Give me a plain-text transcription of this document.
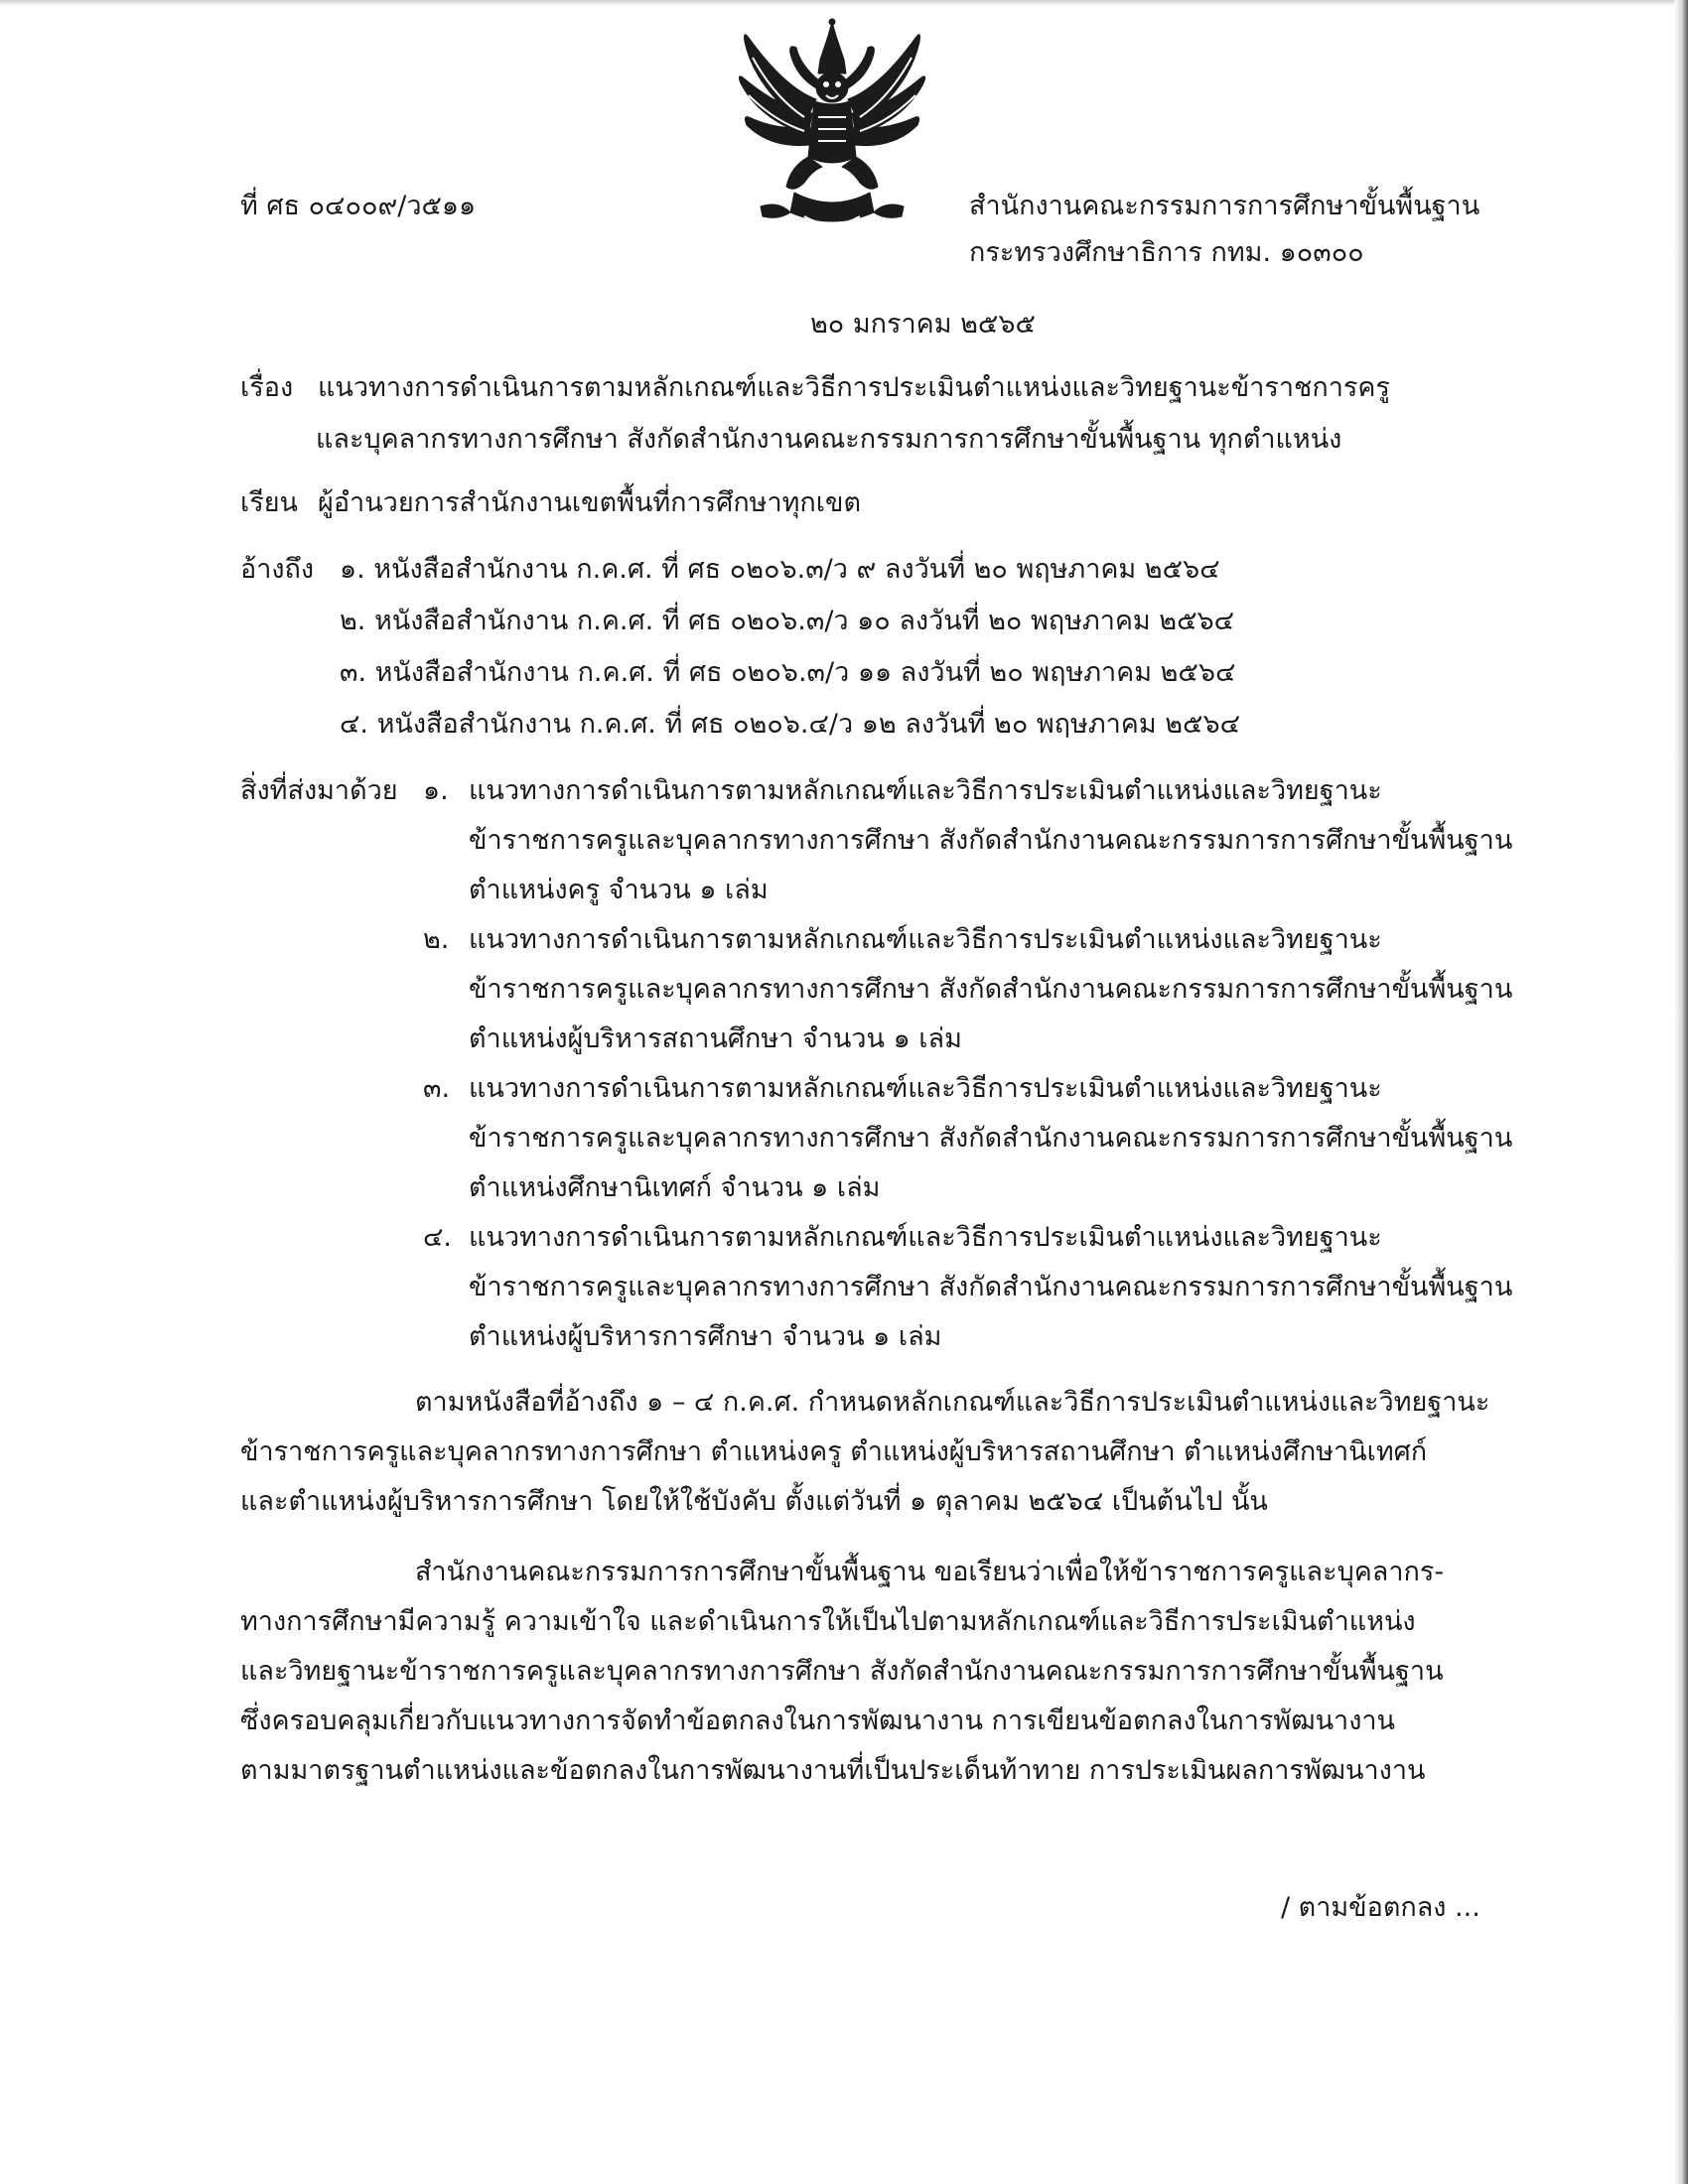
ที่ ศธ ๐๔๐๐๙/ว๕๑๑	สำนักงานคณะกรรมการการศึกษาขั้นพื้นฐาน
กระทรวงศึกษาธิการ กทม. ๑๐๓๐๐
๒๐ มกราคม ๒๕๖๕
เรื่อง แนวทางการดำเนินการตามหลักเกณฑ์และวิธีการประเมินตำแหน่งและวิทยฐานะข้าราชการครู
และบุคลากรทางการศึกษา สังกัดสำนักงานคณะกรรมการการศึกษาขั้นพื้นฐาน ทุกตำแหน่ง
เรียน ผู้อำนวยการสำนักงานเขตพื้นที่การศึกษาทุกเขต
อ้างถึง ๑. หนังสือสำนักงาน ก.ค.ศ. ที่ ศธ ๐๒๐๖.๓/ว ๙ ลงวันที่ ๒๐ พฤษภาคม ๒๕๖๔
๒. หนังสือสำนักงาน ก.ค.ศ. ที่ ศธ ๐๒๐๖.๓/ว ๑๐ ลงวันที่ ๒๐ พฤษภาคม ๒๕๖๔
๓. หนังสือสำนักงาน ก.ค.ศ. ที่ ศธ ๐๒๐๖.๓/ว ๑๑ ลงวันที่ ๒๐ พฤษภาคม ๒๕๖๔
๔. หนังสือสำนักงาน ก.ค.ศ. ที่ ศธ ๐๒๐๖.๔/ว ๑๒ ลงวันที่ ๒๐ พฤษภาคม ๒๕๖๔
สิ่งที่ส่งมาด้วย ๑. แนวทางการดำเนินการตามหลักเกณฑ์และวิธีการประเมินตำแหน่งและวิทยฐานะ
ข้าราชการครูและบุคลากรทางการศึกษา สังกัดสำนักงานคณะกรรมการการศึกษาขั้นพื้นฐาน
ตำแหน่งครู จำนวน ๑ เล่ม
๒. แนวทางการดำเนินการตามหลักเกณฑ์และวิธีการประเมินตำแหน่งและวิทยฐานะ
ข้าราชการครูและบุคลากรทางการศึกษา สังกัดสำนักงานคณะกรรมการการศึกษาขั้นพื้นฐาน
ตำแหน่งผู้บริหารสถานศึกษา จำนวน ๑ เล่ม
๓. แนวทางการดำเนินการตามหลักเกณฑ์และวิธีการประเมินตำแหน่งและวิทยฐานะ
ข้าราชการครูและบุคลากรทางการศึกษา สังกัดสำนักงานคณะกรรมการการศึกษาขั้นพื้นฐาน
ตำแหน่งศึกษานิเทศก์ จำนวน ๑ เล่ม
๔. แนวทางการดำเนินการตามหลักเกณฑ์และวิธีการประเมินตำแหน่งและวิทยฐานะ
ข้าราชการครูและบุคลากรทางการศึกษา สังกัดสำนักงานคณะกรรมการการศึกษาขั้นพื้นฐาน
ตำแหน่งผู้บริหารการศึกษา จำนวน ๑ เล่ม
ตามหนังสือที่อ้างถึง ๑ – ๔ ก.ค.ศ. กำหนดหลักเกณฑ์และวิธีการประเมินตำแหน่งและวิทยฐานะ
ข้าราชการครูและบุคลากรทางการศึกษา ตำแหน่งครู ตำแหน่งผู้บริหารสถานศึกษา ตำแหน่งศึกษานิเทศก์
และตำแหน่งผู้บริหารการศึกษา โดยให้ใช้บังคับ ตั้งแต่วันที่ ๑ ตุลาคม ๒๕๖๔ เป็นต้นไป นั้น
สำนักงานคณะกรรมการการศึกษาขั้นพื้นฐาน ขอเรียนว่าเพื่อให้ข้าราชการครูและบุคลากร-
ทางการศึกษามีความรู้ ความเข้าใจ และดำเนินการให้เป็นไปตามหลักเกณฑ์และวิธีการประเมินตำแหน่ง
และวิทยฐานะข้าราชการครูและบุคลากรทางการศึกษา สังกัดสำนักงานคณะกรรมการการศึกษาขั้นพื้นฐาน
ซึ่งครอบคลุมเกี่ยวกับแนวทางการจัดทำข้อตกลงในการพัฒนางาน การเขียนข้อตกลงในการพัฒนางาน
ตามมาตรฐานตำแหน่งและข้อตกลงในการพัฒนางานที่เป็นประเด็นท้าทาย การประเมินผลการพัฒนางาน
/ ตามข้อตกลง ...
